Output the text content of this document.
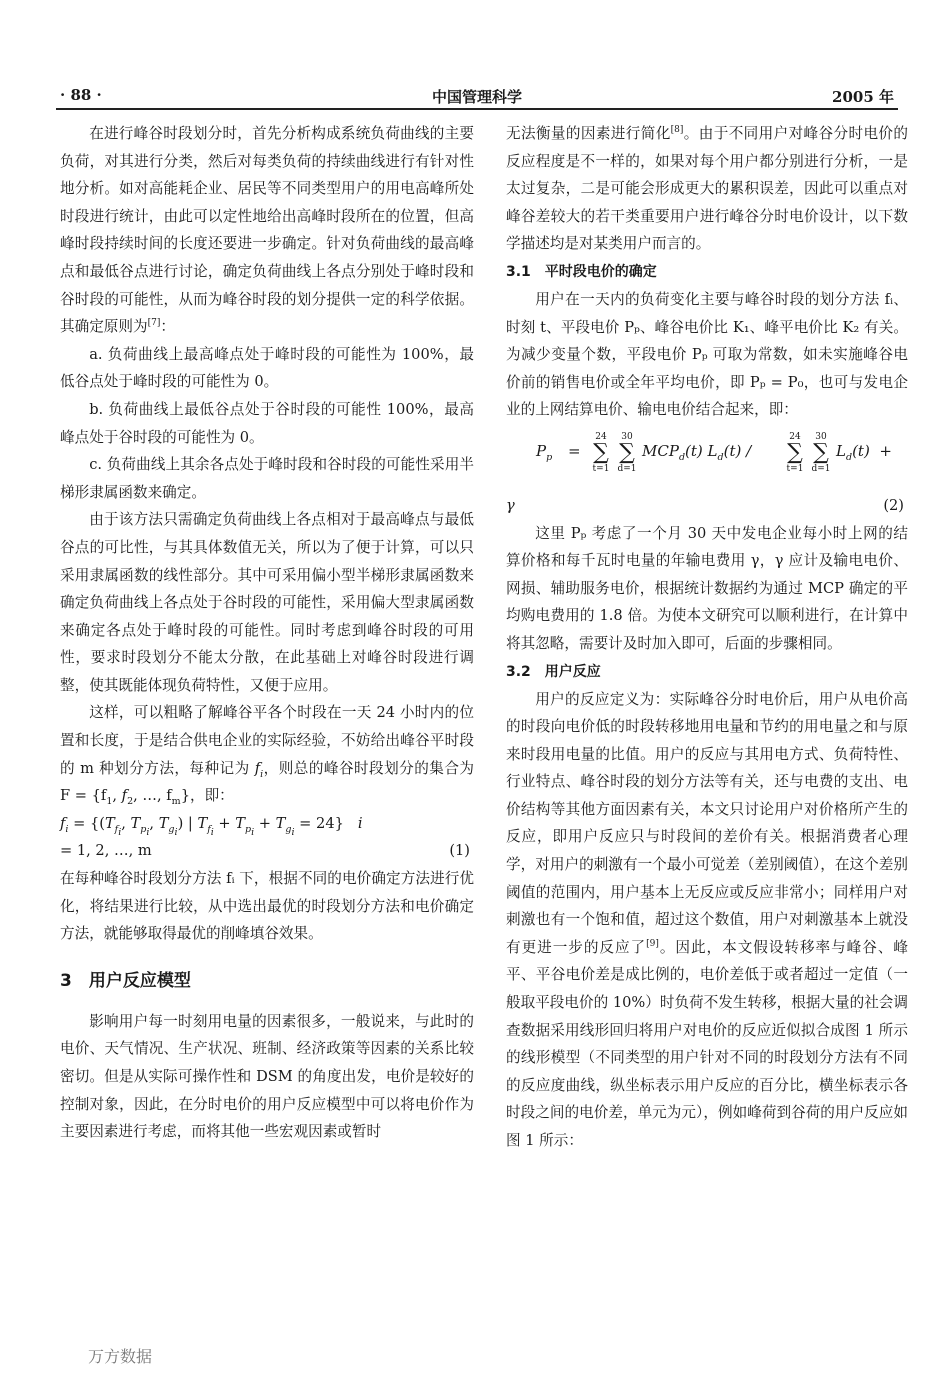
· 88 ·	中国管理科学	2005 年

在进行峰谷时段划分时，首先分析构成系统负荷曲线的主要负荷，对其进行分类，然后对每类负荷的持续曲线进行有针对性地分析。如对高能耗企业、居民等不同类型用户的用电高峰所处时段进行统计，由此可以定性地给出高峰时段所在的位置，但高峰时段持续时间的长度还要进一步确定。针对负荷曲线的最高峰点和最低谷点进行讨论，确定负荷曲线上各点分别处于峰时段和谷时段的可能性，从而为峰谷时段的划分提供一定的科学依据。其确定原则为[7]：

a. 负荷曲线上最高峰点处于峰时段的可能性为 100%，最低谷点处于峰时段的可能性为 0。

b. 负荷曲线上最低谷点处于谷时段的可能性 100%，最高峰点处于谷时段的可能性为 0。

c. 负荷曲线上其余各点处于峰时段和谷时段的可能性采用半梯形隶属函数来确定。

由于该方法只需确定负荷曲线上各点相对于最高峰点与最低谷点的可比性，与其具体数值无关，所以为了便于计算，可以只采用隶属函数的线性部分。其中可采用偏小型半梯形隶属函数来确定负荷曲线上各点处于谷时段的可能性，采用偏大型隶属函数来确定各点处于峰时段的可能性。同时考虑到峰谷时段的可用性，要求时段划分不能太分散，在此基础上对峰谷时段进行调整，使其既能体现负荷特性，又便于应用。

这样，可以粗略了解峰谷平各个时段在一天 24 小时内的位置和长度，于是结合供电企业的实际经验，不妨给出峰谷平时段的 m 种划分方法，每种记为 $f_i$，则总的峰谷时段划分的集合为 $F = \{f_1$, $f_2$, …, $f_m$}，即：

$f_i = \{(T_{f_i}$, $T_{p_i}$, $T_{g_i}$) | $T_{f_i} + T_{p_i} + T_{g_i} = 24$}   i
= 1, 2, …, m	(1)

在每种峰谷时段划分方法 fᵢ 下，根据不同的电价确定方法进行优化，将结果进行比较，从中选出最优的时段划分方法和电价确定方法，就能够取得最优的削峰填谷效果。

3　用户反应模型

影响用户每一时刻用电量的因素很多，一般说来，与此时的电价、天气情况、生产状况、班制、经济政策等因素的关系比较密切。但是从实际可操作性和 DSM 的角度出发，电价是较好的控制对象，因此，在分时电价的用户反应模型中可以将电价作为主要因素进行考虑，而将其他一些宏观因素或暂时

无法衡量的因素进行简化[8]。由于不同用户对峰谷分时电价的反应程度是不一样的，如果对每个用户都分别进行分析，一是太过复杂，二是可能会形成更大的累积误差，因此可以重点对峰谷差较大的若干类重要用户进行峰谷分时电价设计，以下数学描述均是对某类用户而言的。

3.1　平时段电价的确定

用户在一天内的负荷变化主要与峰谷时段的划分方法 fᵢ、时刻 t、平段电价 Pₚ、峰谷电价比 K₁、峰平电价比 K₂ 有关。为减少变量个数，平段电价 Pₚ 可取为常数，如未实施峰谷电价前的销售电价或全年平均电价，即 Pₚ = P₀，也可与发电企业的上网结算电价、输电电价结合起来，即：

$P_p$ =
24
∑
t=1
30
∑
d=1
$MCP_d(t)$ $L_d(t)$ /
24
∑
t=1
30
∑
d=1
$L_d(t)$  +
γ	(2)

这里 Pₚ 考虑了一个月 30 天中发电企业每小时上网的结算价格和每千瓦时电量的年输电费用 γ，γ 应计及输电电价、网损、辅助服务电价，根据统计数据约为通过 MCP 确定的平均购电费用的 1.8 倍。为使本文研究可以顺利进行，在计算中将其忽略，需要计及时加入即可，后面的步骤相同。

3.2　用户反应

用户的反应定义为：实际峰谷分时电价后，用户从电价高的时段向电价低的时段转移地用电量和节约的用电量之和与原来时段用电量的比值。用户的反应与其用电方式、负荷特性、行业特点、峰谷时段的划分方法等有关，还与电费的支出、电价结构等其他方面因素有关，本文只讨论用户对价格所产生的反应，即用户反应只与时段间的差价有关。根据消费者心理学，对用户的刺激有一个最小可觉差（差别阈值），在这个差别阈值的范围内，用户基本上无反应或反应非常小；同样用户对刺激也有一个饱和值，超过这个数值，用户对刺激基本上就没有更进一步的反应了[9]。因此，本文假设转移率与峰谷、峰平、平谷电价差是成比例的，电价差低于或者超过一定值（一般取平段电价的 10%）时负荷不发生转移，根据大量的社会调查数据采用线形回归将用户对电价的反应近似拟合成图 1 所示的线形模型（不同类型的用户针对不同的时段划分方法有不同的反应度曲线，纵坐标表示用户反应的百分比，横坐标表示各时段之间的电价差，单元为元），例如峰荷到谷荷的用户反应如图 1 所示：

万方数据
